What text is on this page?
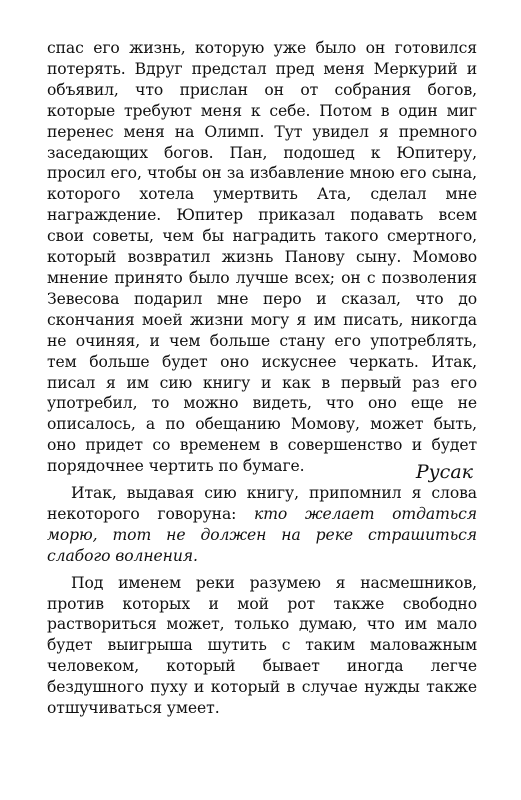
спас его жизнь, которую уже было он готовился потерять. Вдруг предстал пред меня Меркурий и объявил, что прислан он от собрания богов, которые требуют меня к себе. Потом в один миг перенес меня на Олимп. Тут увидел я премного заседающих богов. Пан, подошед к Юпитеру, просил его, чтобы он за избавление мною его сына, которого хотела умертвить Ата, сделал мне награждение. Юпитер приказал подавать всем свои советы, чем бы наградить такого смертного, который возвратил жизнь Панову сыну. Момово мнение принято было лучше всех; он с позволения Зевесова подарил мне перо и сказал, что до скончания моей жизни могу я им писать, никогда не очиняя, и чем больше стану его употреблять, тем больше будет оно искуснее черкать. Итак, писал я им сию книгу и как в первый раз его употребил, то можно видеть, что оно еще не описалось, а по обещанию Момову, может быть, оно придет со временем в совершенство и будет порядочнее чертить по бумаге.

Итак, выдавая сию книгу, припомнил я слова некоторого говоруна: кто желает отдаться морю, тот не должен на реке страшиться слабого волнения.

Под именем реки разумею я насмешников, против которых и мой рот также свободно раствориться может, только думаю, что им мало будет выигрыша шутить с таким маловажным человеком, который бывает иногда легче бездушного пуху и который в случае нужды также отшучиваться умеет.

Русак
